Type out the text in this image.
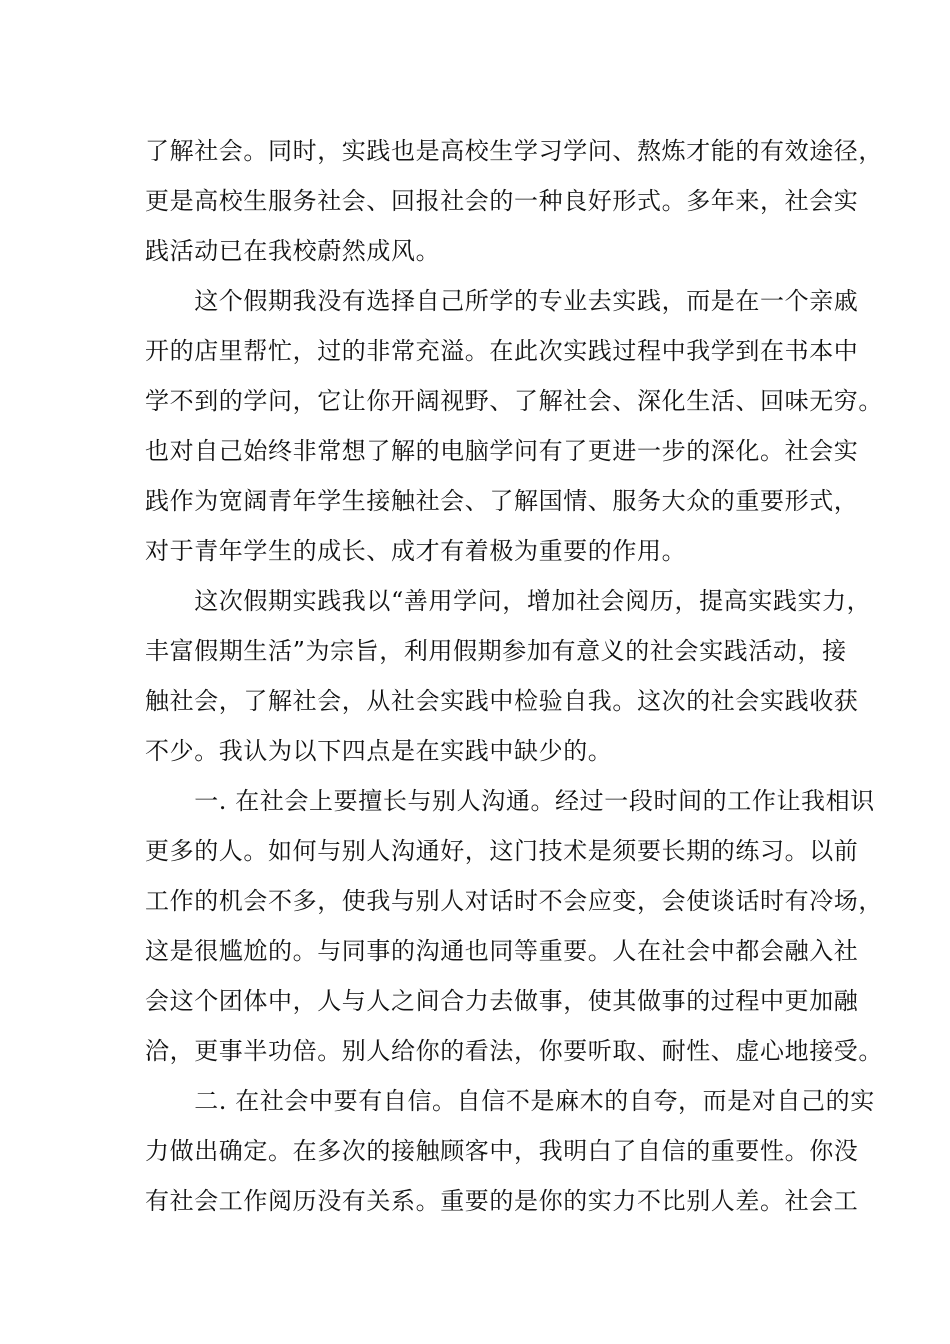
了解社会。同时，实践也是高校生学习学问、熬炼才能的有效途径，
更是高校生服务社会、回报社会的一种良好形式。多年来，社会实
践活动已在我校蔚然成风。
　　这个假期我没有选择自己所学的专业去实践，而是在一个亲戚
开的店里帮忙，过的非常充溢。在此次实践过程中我学到在书本中
学不到的学问，它让你开阔视野、了解社会、深化生活、回味无穷。
也对自己始终非常想了解的电脑学问有了更进一步的深化。社会实
践作为宽阔青年学生接触社会、了解国情、服务大众的重要形式，
对于青年学生的成长、成才有着极为重要的作用。
　　这次假期实践我以“善用学问，增加社会阅历，提高实践实力，
丰富假期生活”为宗旨，利用假期参加有意义的社会实践活动，接
触社会，了解社会，从社会实践中检验自我。这次的社会实践收获
不少。我认为以下四点是在实践中缺少的。
　　一. 在社会上要擅长与别人沟通。经过一段时间的工作让我相识
更多的人。如何与别人沟通好，这门技术是须要长期的练习。以前
工作的机会不多，使我与别人对话时不会应变，会使谈话时有冷场，
这是很尴尬的。与同事的沟通也同等重要。人在社会中都会融入社
会这个团体中，人与人之间合力去做事，使其做事的过程中更加融
洽，更事半功倍。别人给你的看法，你要听取、耐性、虚心地接受。
　　二. 在社会中要有自信。自信不是麻木的自夸，而是对自己的实
力做出确定。在多次的接触顾客中，我明白了自信的重要性。你没
有社会工作阅历没有关系。重要的是你的实力不比别人差。社会工
